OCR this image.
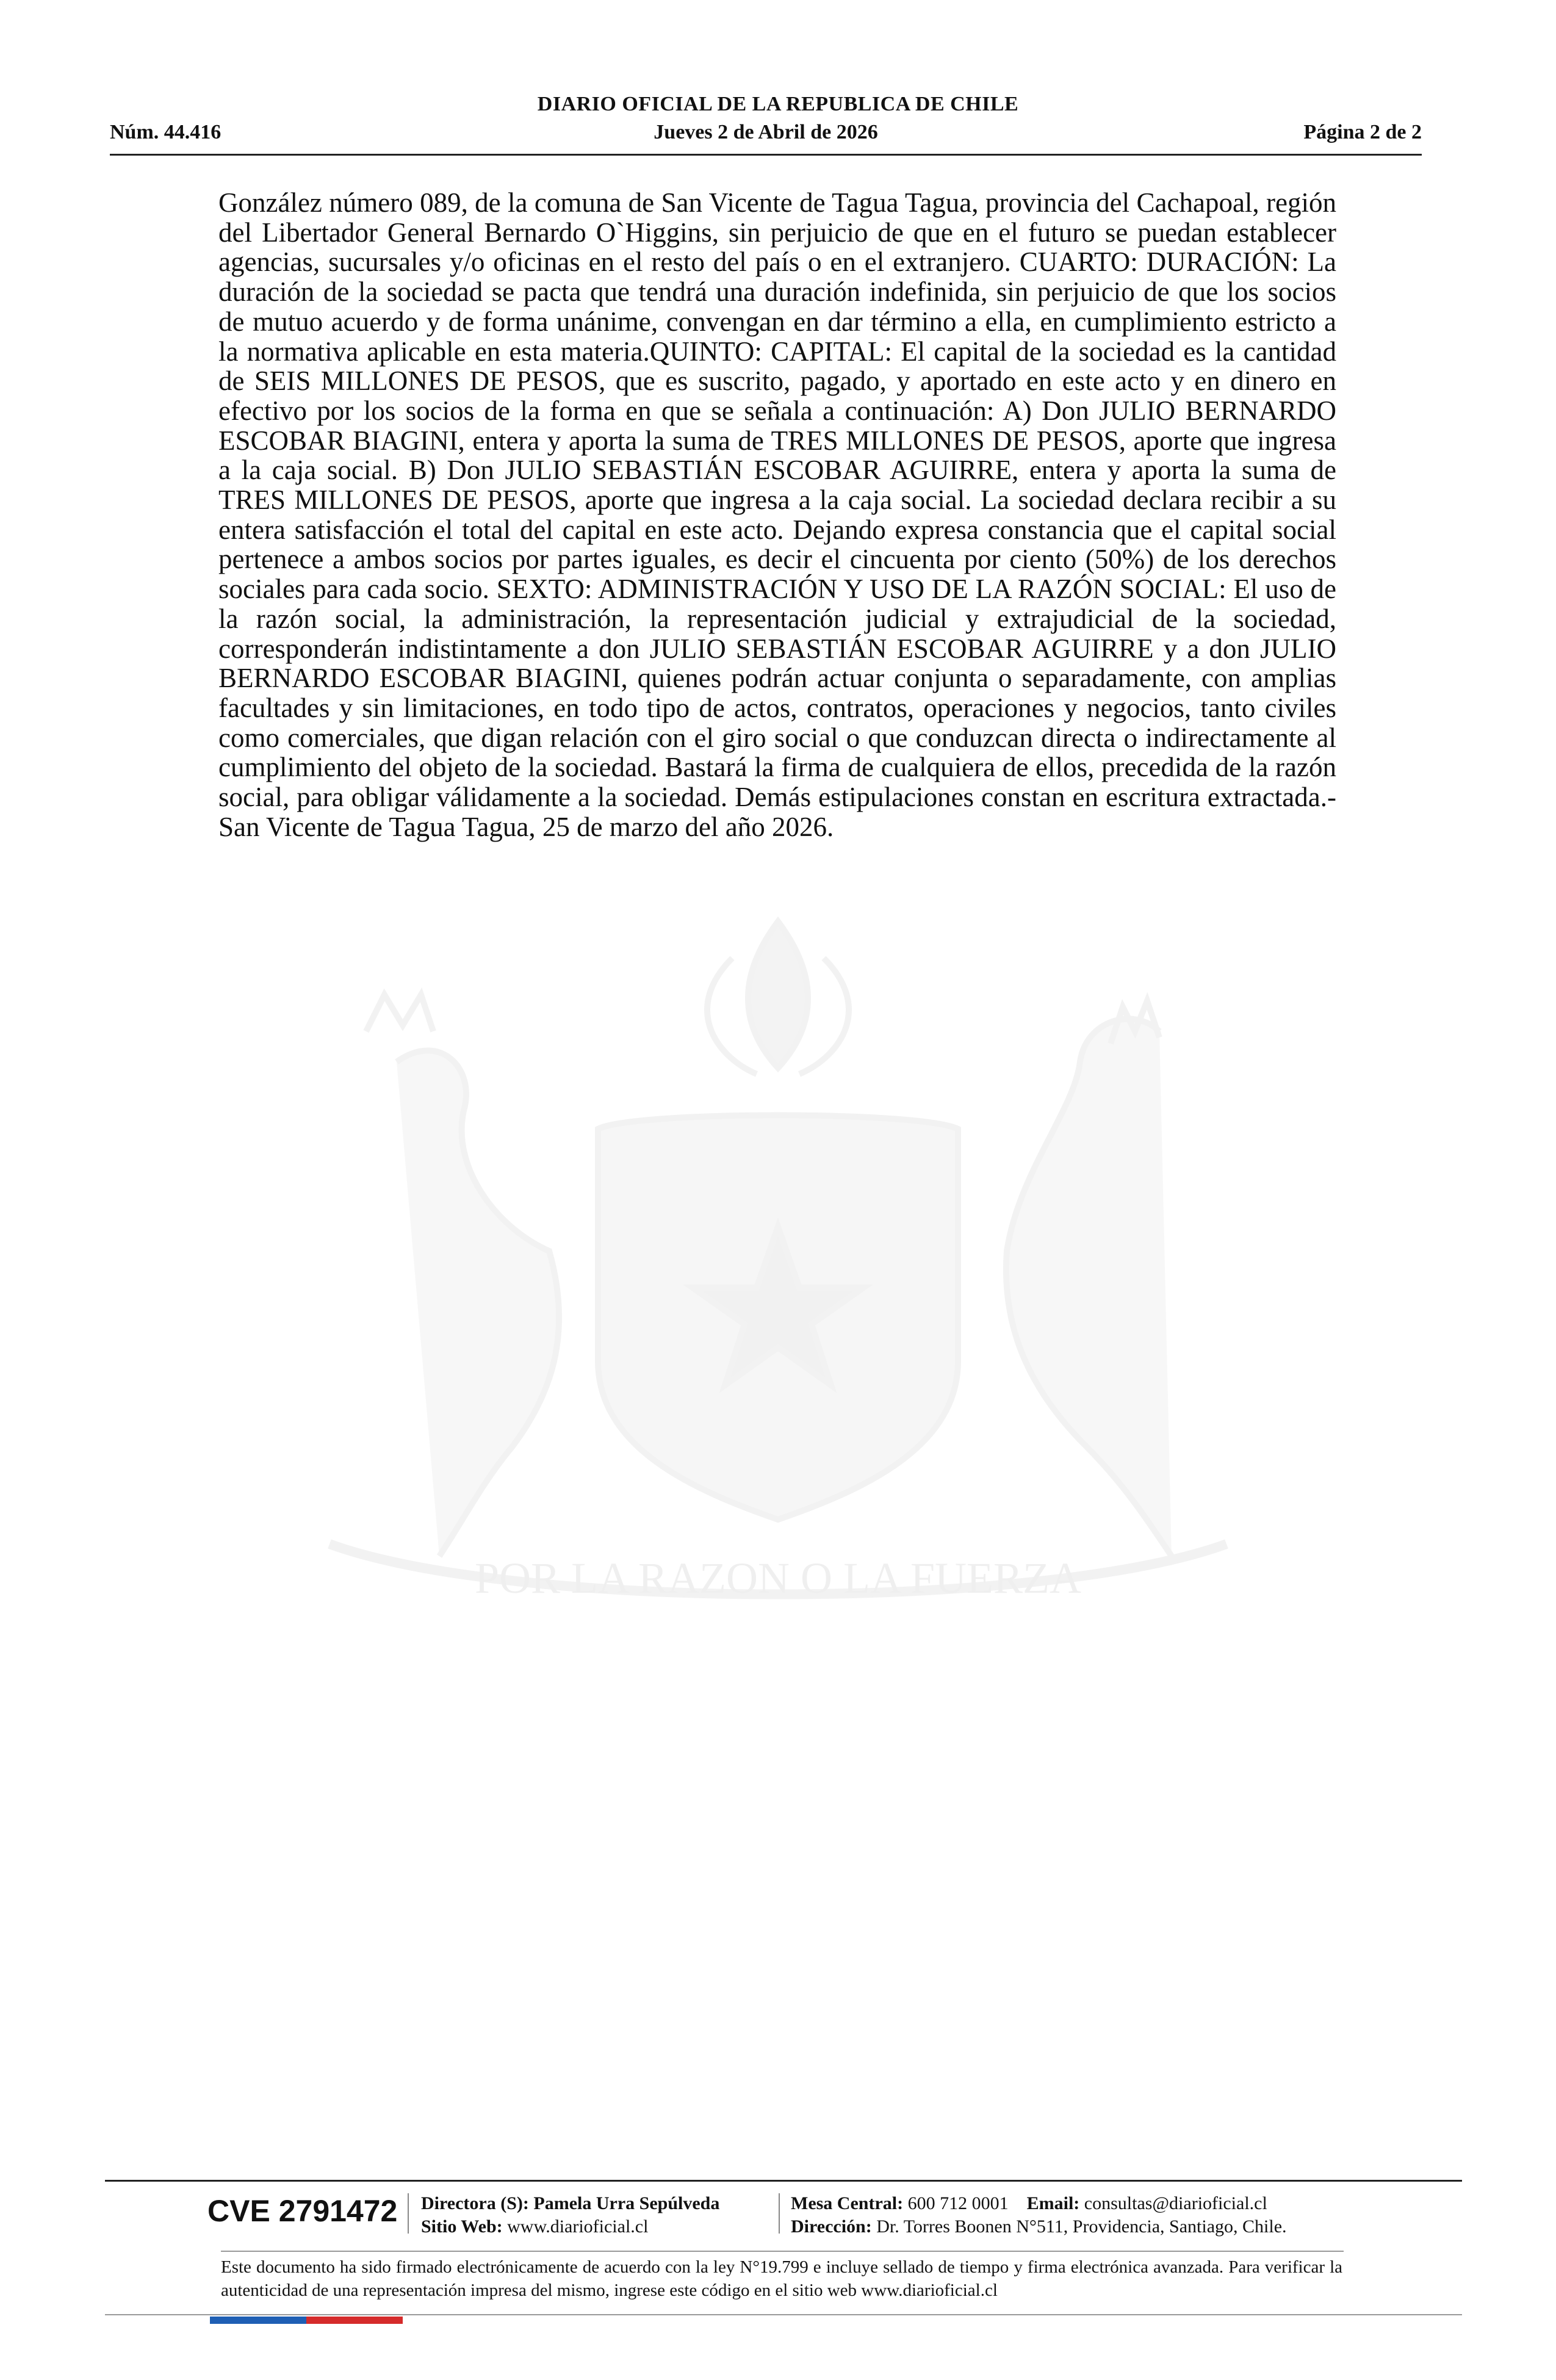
DIARIO OFICIAL DE LA REPUBLICA DE CHILE
Núm. 44.416	Jueves 2 de Abril de 2026	Página 2 de 2

González número 089, de la comuna de San Vicente de Tagua Tagua, provincia del Cachapoal, región del Libertador General Bernardo O`Higgins, sin perjuicio de que en el futuro se puedan establecer agencias, sucursales y/o oficinas en el resto del país o en el extranjero. CUARTO: DURACIÓN: La duración de la sociedad se pacta que tendrá una duración indefinida, sin perjuicio de que los socios de mutuo acuerdo y de forma unánime, convengan en dar término a ella, en cumplimiento estricto a la normativa aplicable en esta materia.QUINTO: CAPITAL: El capital de la sociedad es la cantidad de SEIS MILLONES DE PESOS, que es suscrito, pagado, y aportado en este acto y en dinero en efectivo por los socios de la forma en que se señala a continuación: A) Don JULIO BERNARDO ESCOBAR BIAGINI, entera y aporta la suma de TRES MILLONES DE PESOS, aporte que ingresa a la caja social. B) Don JULIO SEBASTIÁN ESCOBAR AGUIRRE, entera y aporta la suma de TRES MILLONES DE PESOS, aporte que ingresa a la caja social. La sociedad declara recibir a su entera satisfacción el total del capital en este acto. Dejando expresa constancia que el capital social pertenece a ambos socios por partes iguales, es decir el cincuenta por ciento (50%) de los derechos sociales para cada socio. SEXTO: ADMINISTRACIÓN Y USO DE LA RAZÓN SOCIAL: El uso de la razón social, la administración, la representación judicial y extrajudicial de la sociedad, corresponderán indistintamente a don JULIO SEBASTIÁN ESCOBAR AGUIRRE y a don JULIO BERNARDO ESCOBAR BIAGINI, quienes podrán actuar conjunta o separadamente, con amplias facultades y sin limitaciones, en todo tipo de actos, contratos, operaciones y negocios, tanto civiles como comerciales, que digan relación con el giro social o que conduzcan directa o indirectamente al cumplimiento del objeto de la sociedad. Bastará la firma de cualquiera de ellos, precedida de la razón social, para obligar válidamente a la sociedad. Demás estipulaciones constan en escritura extractada.- San Vicente de Tagua Tagua, 25 de marzo del año 2026.

POR LA RAZON O LA FUERZA
CVE 2791472 Directora (S): Pamela Urra Sepúlveda
Sitio Web: www.diarioficial.cl
Mesa Central: 600 712 0001 Email: consultas@diarioficial.cl
Dirección: Dr. Torres Boonen N°511, Providencia, Santiago, Chile.
Este documento ha sido firmado electrónicamente de acuerdo con la ley N°19.799 e incluye sellado de tiempo y firma electrónica avanzada. Para verificar la autenticidad de una representación impresa del mismo, ingrese este código en el sitio web www.diarioficial.cl
